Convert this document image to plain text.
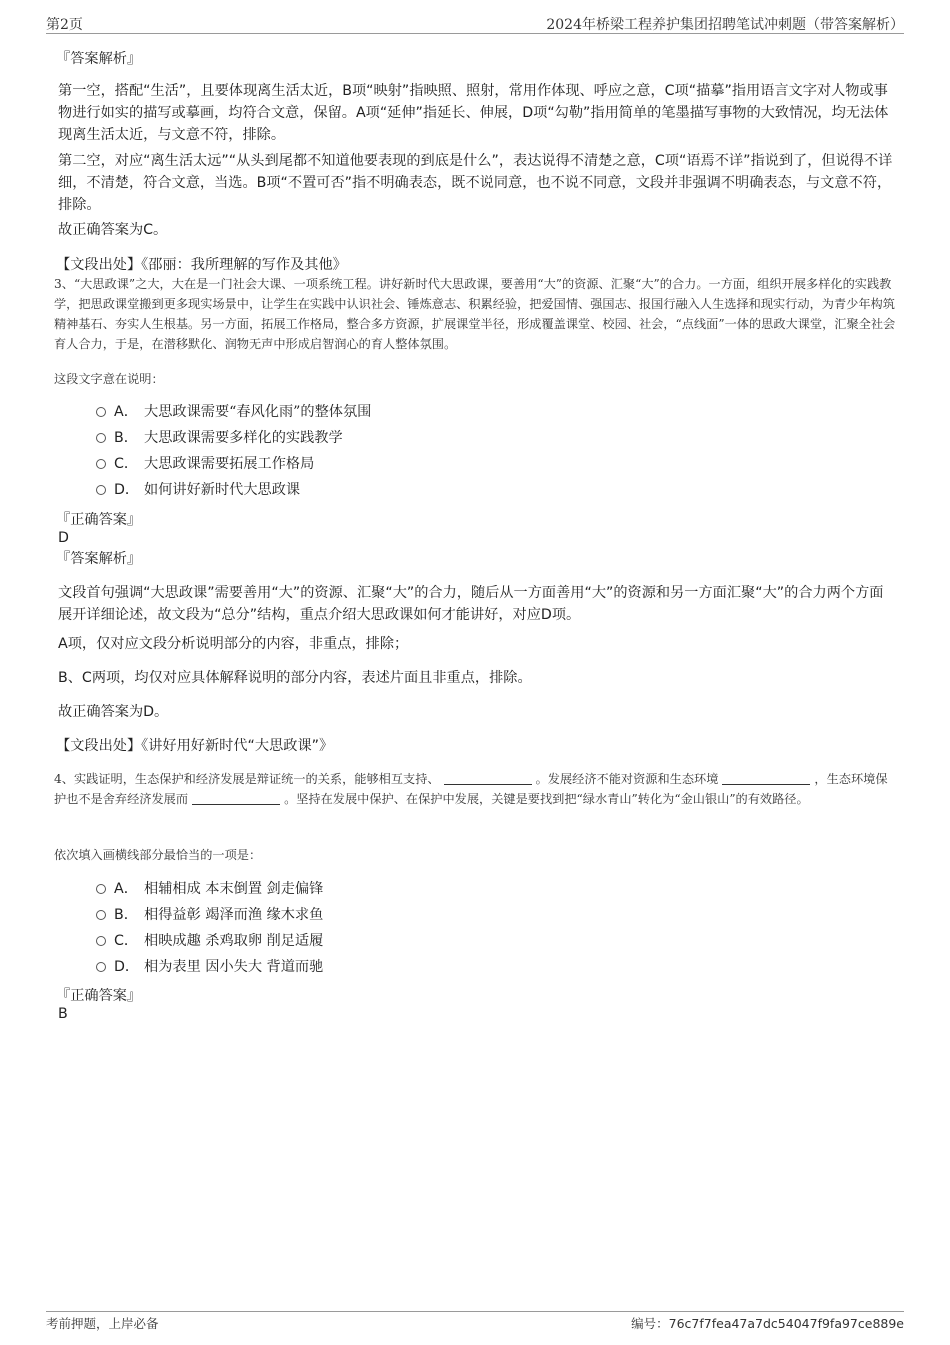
第2页	2024年桥梁工程养护集团招聘笔试冲刺题（带答案解析）
『答案解析』
第一空，搭配“生活”，且要体现离生活太近，B项“映射”指映照、照射，常用作体现、呼应之意，C项“描摹”指用语言文字对人物或事物进行如实的描写或摹画，均符合文意，保留。A项“延伸”指延长、伸展，D项“勾勒”指用简单的笔墨描写事物的大致情况，均无法体现离生活太近，与文意不符，排除。
第二空，对应“离生活太远”“从头到尾都不知道他要表现的到底是什么”，表达说得不清楚之意，C项“语焉不详”指说到了，但说得不详细，不清楚，符合文意，当选。B项“不置可否”指不明确表态，既不说同意，也不说不同意，文段并非强调不明确表态，与文意不符，排除。
故正确答案为C。
【文段出处】《邵丽：我所理解的写作及其他》
3、“大思政课”之大，大在是一门社会大课、一项系统工程。讲好新时代大思政课，要善用“大”的资源、汇聚“大”的合力。一方面，组织开展多样化的实践教学，把思政课堂搬到更多现实场景中，让学生在实践中认识社会、锤炼意志、积累经验，把爱国情、强国志、报国行融入人生选择和现实行动，为青少年构筑精神基石、夯实人生根基。另一方面，拓展工作格局，整合多方资源，扩展课堂半径，形成覆盖课堂、校园、社会，“点线面”一体的思政大课堂，汇聚全社会育人合力，于是，在潜移默化、润物无声中形成启智润心的育人整体氛围。
这段文字意在说明：
A． 大思政课需要“春风化雨”的整体氛围
B． 大思政课需要多样化的实践教学
C． 大思政课需要拓展工作格局
D． 如何讲好新时代大思政课
『正确答案』
D
『答案解析』
文段首句强调“大思政课”需要善用“大”的资源、汇聚“大”的合力，随后从一方面善用“大”的资源和另一方面汇聚“大”的合力两个方面展开详细论述，故文段为“总分”结构，重点介绍大思政课如何才能讲好，对应D项。
A项，仅对应文段分析说明部分的内容，非重点，排除；
B、C两项，均仅对应具体解释说明的部分内容，表述片面且非重点，排除。
故正确答案为D。
【文段出处】《讲好用好新时代“大思政课”》
4、实践证明，生态保护和经济发展是辩证统一的关系，能够相互支持、	。发展经济不能对资源和生态环境	，生态环境保护也不是舍弃经济发展而	。坚持在发展中保护、在保护中发展，关键是要找到把“绿水青山”转化为“金山银山”的有效路径。
依次填入画横线部分最恰当的一项是：
A． 相辅相成 本末倒置 剑走偏锋
B． 相得益彰 竭泽而渔 缘木求鱼
C． 相映成趣 杀鸡取卵 削足适履
D． 相为表里 因小失大 背道而驰
『正确答案』
B
考前押题，上岸必备	编号：76c7f7fea47a7dc54047f9fa97ce889e
